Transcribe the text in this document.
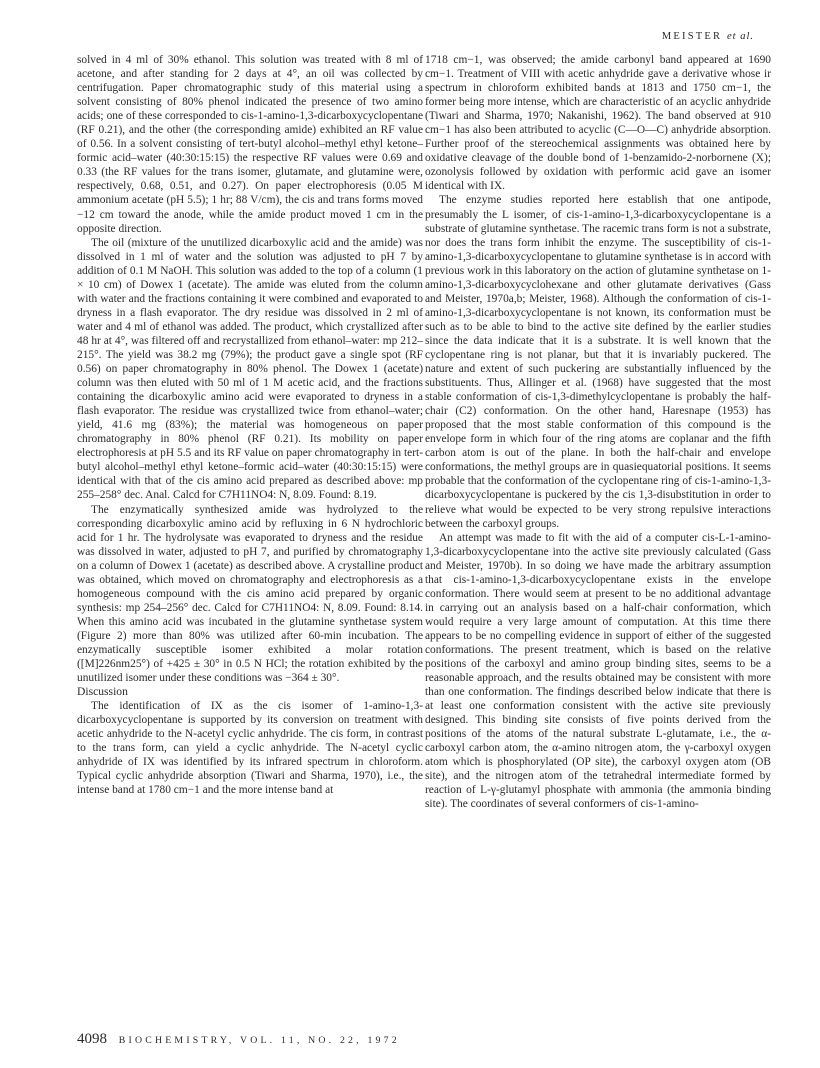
MEISTER et al.

solved in 4 ml of 30% ethanol. This solution was treated with 8 ml of acetone, and after standing for 2 days at 4°, an oil was collected by centrifugation. Paper chromatographic study of this material using a solvent consisting of 80% phenol indicated the presence of two amino acids; one of these corresponded to cis-1-amino-1,3-dicarboxycyclopentane (RF 0.21), and the other (the corresponding amide) exhibited an RF value of 0.56. In a solvent consisting of tert-butyl alcohol–methyl ethyl ketone–formic acid–water (40:30:15:15) the respective RF values were 0.69 and 0.33 (the RF values for the trans isomer, glutamate, and glutamine were, respectively, 0.68, 0.51, and 0.27). On paper electrophoresis (0.05 M ammonium acetate (pH 5.5); 1 hr; 88 V/cm), the cis and trans forms moved −12 cm toward the anode, while the amide product moved 1 cm in the opposite direction.

The oil (mixture of the unutilized dicarboxylic acid and the amide) was dissolved in 1 ml of water and the solution was adjusted to pH 7 by addition of 0.1 M NaOH. This solution was added to the top of a column (1 × 10 cm) of Dowex 1 (acetate). The amide was eluted from the column with water and the fractions containing it were combined and evaporated to dryness in a flash evaporator. The dry residue was dissolved in 2 ml of water and 4 ml of ethanol was added. The product, which crystallized after 48 hr at 4°, was filtered off and recrystallized from ethanol–water: mp 212–215°. The yield was 38.2 mg (79%); the product gave a single spot (RF 0.56) on paper chromatography in 80% phenol. The Dowex 1 (acetate) column was then eluted with 50 ml of 1 M acetic acid, and the fractions containing the dicarboxylic amino acid were evaporated to dryness in a flash evaporator. The residue was crystallized twice from ethanol–water; yield, 41.6 mg (83%); the material was homogeneous on paper chromatography in 80% phenol (RF 0.21). Its mobility on paper electrophoresis at pH 5.5 and its RF value on paper chromatography in tert-butyl alcohol–methyl ethyl ketone–formic acid–water (40:30:15:15) were identical with that of the cis amino acid prepared as described above: mp 255–258° dec. Anal. Calcd for C7H11NO4: N, 8.09. Found: 8.19.

The enzymatically synthesized amide was hydrolyzed to the corresponding dicarboxylic amino acid by refluxing in 6 N hydrochloric acid for 1 hr. The hydrolysate was evaporated to dryness and the residue was dissolved in water, adjusted to pH 7, and purified by chromatography on a column of Dowex 1 (acetate) as described above. A crystalline product was obtained, which moved on chromatography and electrophoresis as a homogeneous compound with the cis amino acid prepared by organic synthesis: mp 254–256° dec. Calcd for C7H11NO4: N, 8.09. Found: 8.14. When this amino acid was incubated in the glutamine synthetase system (Figure 2) more than 80% was utilized after 60-min incubation. The enzymatically susceptible isomer exhibited a molar rotation ([M]226nm25°) of +425 ± 30° in 0.5 N HCl; the rotation exhibited by the unutilized isomer under these conditions was −364 ± 30°.

Discussion

The identification of IX as the cis isomer of 1-amino-1,3-dicarboxycyclopentane is supported by its conversion on treatment with acetic anhydride to the N-acetyl cyclic anhydride. The cis form, in contrast to the trans form, can yield a cyclic anhydride. The N-acetyl cyclic anhydride of IX was identified by its infrared spectrum in chloroform. Typical cyclic anhydride absorption (Tiwari and Sharma, 1970), i.e., the intense band at 1780 cm−1 and the more intense band at

1718 cm−1, was observed; the amide carbonyl band appeared at 1690 cm−1. Treatment of VIII with acetic anhydride gave a derivative whose ir spectrum in chloroform exhibited bands at 1813 and 1750 cm−1, the former being more intense, which are characteristic of an acyclic anhydride (Tiwari and Sharma, 1970; Nakanishi, 1962). The band observed at 910 cm−1 has also been attributed to acyclic (C—O—C) anhydride absorption. Further proof of the stereochemical assignments was obtained here by oxidative cleavage of the double bond of 1-benzamido-2-norbornene (X); ozonolysis followed by oxidation with performic acid gave an isomer identical with IX.

The enzyme studies reported here establish that one antipode, presumably the L isomer, of cis-1-amino-1,3-dicarboxycyclopentane is a substrate of glutamine synthetase. The racemic trans form is not a substrate, nor does the trans form inhibit the enzyme. The susceptibility of cis-1-amino-1,3-dicarboxycyclopentane to glutamine synthetase is in accord with previous work in this laboratory on the action of glutamine synthetase on 1-amino-1,3-dicarboxycyclohexane and other glutamate derivatives (Gass and Meister, 1970a,b; Meister, 1968). Although the conformation of cis-1-amino-1,3-dicarboxycyclopentane is not known, its conformation must be such as to be able to bind to the active site defined by the earlier studies since the data indicate that it is a substrate. It is well known that the cyclopentane ring is not planar, but that it is invariably puckered. The nature and extent of such puckering are substantially influenced by the substituents. Thus, Allinger et al. (1968) have suggested that the most stable conformation of cis-1,3-dimethylcyclopentane is probably the half-chair (C2) conformation. On the other hand, Haresnape (1953) has proposed that the most stable conformation of this compound is the envelope form in which four of the ring atoms are coplanar and the fifth carbon atom is out of the plane. In both the half-chair and envelope conformations, the methyl groups are in quasiequatorial positions. It seems probable that the conformation of the cyclopentane ring of cis-1-amino-1,3-dicarboxycyclopentane is puckered by the cis 1,3-disubstitution in order to relieve what would be expected to be very strong repulsive interactions between the carboxyl groups.

An attempt was made to fit with the aid of a computer cis-L-1-amino-1,3-dicarboxycyclopentane into the active site previously calculated (Gass and Meister, 1970b). In so doing we have made the arbitrary assumption that cis-1-amino-1,3-dicarboxycyclopentane exists in the envelope conformation. There would seem at present to be no additional advantage in carrying out an analysis based on a half-chair conformation, which would require a very large amount of computation. At this time there appears to be no compelling evidence in support of either of the suggested conformations. The present treatment, which is based on the relative positions of the carboxyl and amino group binding sites, seems to be a reasonable approach, and the results obtained may be consistent with more than one conformation. The findings described below indicate that there is at least one conformation consistent with the active site previously designed. This binding site consists of five points derived from the positions of the atoms of the natural substrate L-glutamate, i.e., the α-carboxyl carbon atom, the α-amino nitrogen atom, the γ-carboxyl oxygen atom which is phosphorylated (OP site), the carboxyl oxygen atom (OB site), and the nitrogen atom of the tetrahedral intermediate formed by reaction of L-γ-glutamyl phosphate with ammonia (the ammonia binding site). The coordinates of several conformers of cis-1-amino-

4098 BIOCHEMISTRY, VOL. 11, NO. 22, 1972
